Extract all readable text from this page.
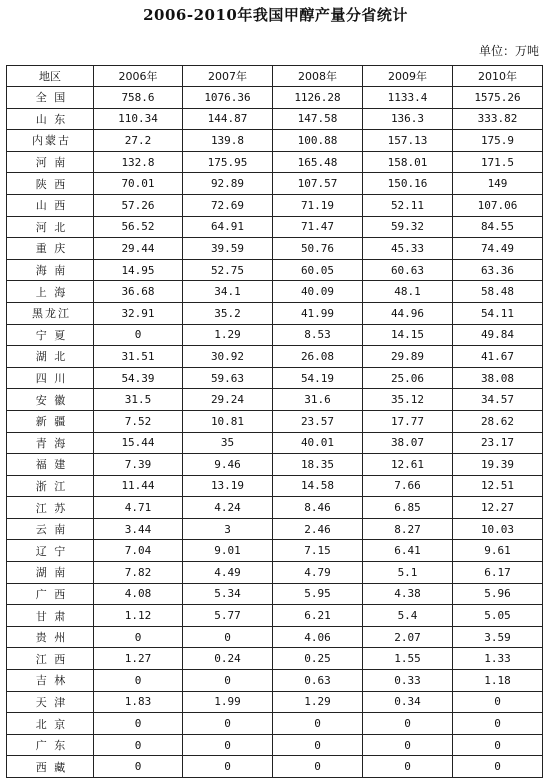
2006-2010年我国甲醇产量分省统计
单位：万吨
地区	2006年	2007年	2008年	2009年	2010年
全 国	758.6	1076.36	1126.28	1133.4	1575.26
山 东	110.34	144.87	147.58	136.3	333.82
内蒙古	27.2	139.8	100.88	157.13	175.9
河 南	132.8	175.95	165.48	158.01	171.5
陕 西	70.01	92.89	107.57	150.16	149
山 西	57.26	72.69	71.19	52.11	107.06
河 北	56.52	64.91	71.47	59.32	84.55
重 庆	29.44	39.59	50.76	45.33	74.49
海 南	14.95	52.75	60.05	60.63	63.36
上 海	36.68	34.1	40.09	48.1	58.48
黑龙江	32.91	35.2	41.99	44.96	54.11
宁 夏	0	1.29	8.53	14.15	49.84
湖 北	31.51	30.92	26.08	29.89	41.67
四 川	54.39	59.63	54.19	25.06	38.08
安 徽	31.5	29.24	31.6	35.12	34.57
新 疆	7.52	10.81	23.57	17.77	28.62
青 海	15.44	35	40.01	38.07	23.17
福 建	7.39	9.46	18.35	12.61	19.39
浙 江	11.44	13.19	14.58	7.66	12.51
江 苏	4.71	4.24	8.46	6.85	12.27
云 南	3.44	3	2.46	8.27	10.03
辽 宁	7.04	9.01	7.15	6.41	9.61
湖 南	7.82	4.49	4.79	5.1	6.17
广 西	4.08	5.34	5.95	4.38	5.96
甘 肃	1.12	5.77	6.21	5.4	5.05
贵 州	0	0	4.06	2.07	3.59
江 西	1.27	0.24	0.25	1.55	1.33
吉 林	0	0	0.63	0.33	1.18
天 津	1.83	1.99	1.29	0.34	0
北 京	0	0	0	0	0
广 东	0	0	0	0	0
西 藏	0	0	0	0	0
